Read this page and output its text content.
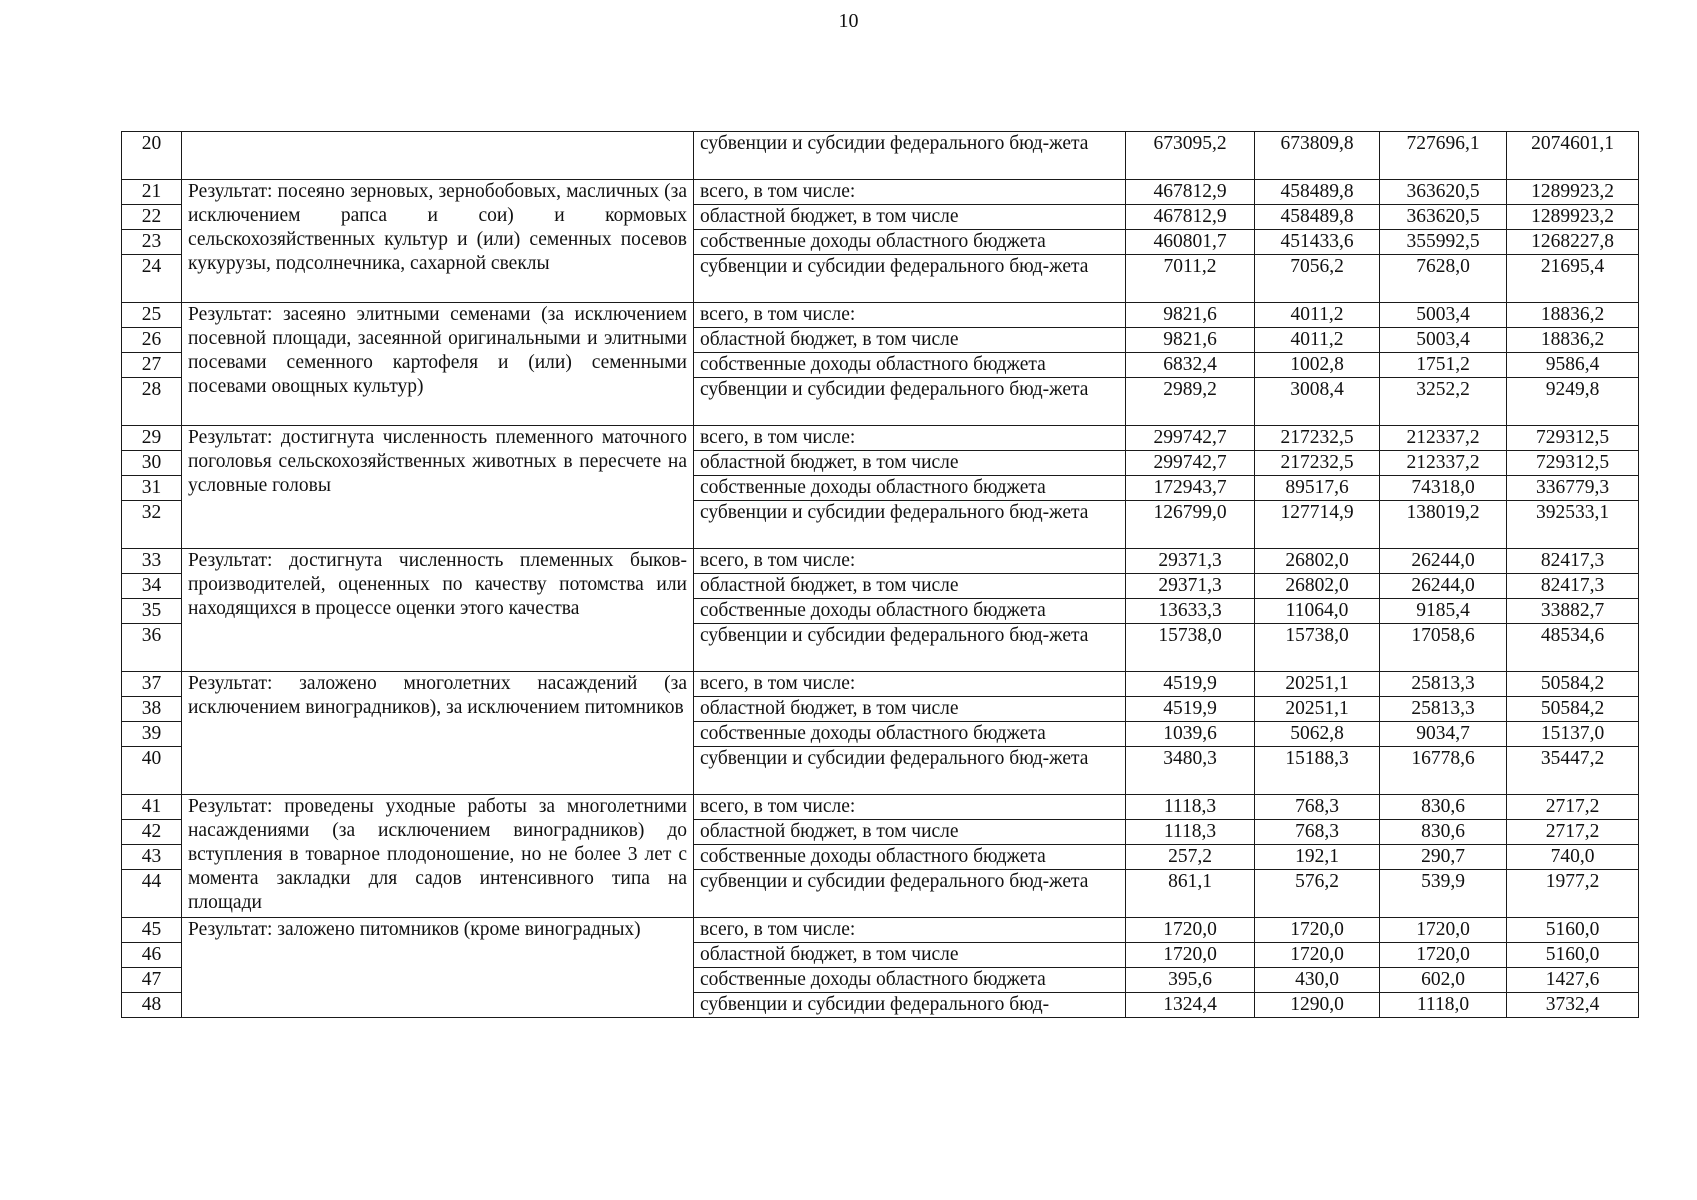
10
20		субвенции и субсидии федерального бюд-жета	673095,2	673809,8	727696,1	2074601,1
21	Результат: посеяно зерновых, зернобобовых, масличных (за исключением рапса и сои) и кормовых сельскохозяйственных культур и (или) семенных посевов кукурузы, подсолнечника, сахарной свеклы	всего, в том числе:	467812,9	458489,8	363620,5	1289923,2
22		областной бюджет, в том числе	467812,9	458489,8	363620,5	1289923,2
23		собственные доходы областного бюджета	460801,7	451433,6	355992,5	1268227,8
24		субвенции и субсидии федерального бюд-жета	7011,2	7056,2	7628,0	21695,4
25	Результат: засеяно элитными семенами (за исключением посевной площади, засеянной оригинальными и элитными посевами семенного картофеля и (или) семенными посевами овощных культур)	всего, в том числе:	9821,6	4011,2	5003,4	18836,2
26		областной бюджет, в том числе	9821,6	4011,2	5003,4	18836,2
27		собственные доходы областного бюджета	6832,4	1002,8	1751,2	9586,4
28		субвенции и субсидии федерального бюд-жета	2989,2	3008,4	3252,2	9249,8
29	Результат: достигнута численность племенного маточного поголовья сельскохозяйственных животных в пересчете на условные головы	всего, в том числе:	299742,7	217232,5	212337,2	729312,5
30		областной бюджет, в том числе	299742,7	217232,5	212337,2	729312,5
31		собственные доходы областного бюджета	172943,7	89517,6	74318,0	336779,3
32		субвенции и субсидии федерального бюд-жета	126799,0	127714,9	138019,2	392533,1
33	Результат: достигнута численность племенных быков-производителей, оцененных по качеству потомства или находящихся в процессе оценки этого качества	всего, в том числе:	29371,3	26802,0	26244,0	82417,3
34		областной бюджет, в том числе	29371,3	26802,0	26244,0	82417,3
35		собственные доходы областного бюджета	13633,3	11064,0	9185,4	33882,7
36		субвенции и субсидии федерального бюд-жета	15738,0	15738,0	17058,6	48534,6
37	Результат: заложено многолетних насаждений (за исключением виноградников), за исключением питомников	всего, в том числе:	4519,9	20251,1	25813,3	50584,2
38		областной бюджет, в том числе	4519,9	20251,1	25813,3	50584,2
39		собственные доходы областного бюджета	1039,6	5062,8	9034,7	15137,0
40		субвенции и субсидии федерального бюд-жета	3480,3	15188,3	16778,6	35447,2
41	Результат: проведены уходные работы за многолетними насаждениями (за исключением виноградников) до вступления в товарное плодоношение, но не более 3 лет с момента закладки для садов интенсивного типа на площади	всего, в том числе:	1118,3	768,3	830,6	2717,2
42		областной бюджет, в том числе	1118,3	768,3	830,6	2717,2
43		собственные доходы областного бюджета	257,2	192,1	290,7	740,0
44		субвенции и субсидии федерального бюд-жета	861,1	576,2	539,9	1977,2
45	Результат: заложено питомников (кроме виноградных)	всего, в том числе:	1720,0	1720,0	1720,0	5160,0
46		областной бюджет, в том числе	1720,0	1720,0	1720,0	5160,0
47		собственные доходы областного бюджета	395,6	430,0	602,0	1427,6
48		субвенции и субсидии федерального бюд-	1324,4	1290,0	1118,0	3732,4
